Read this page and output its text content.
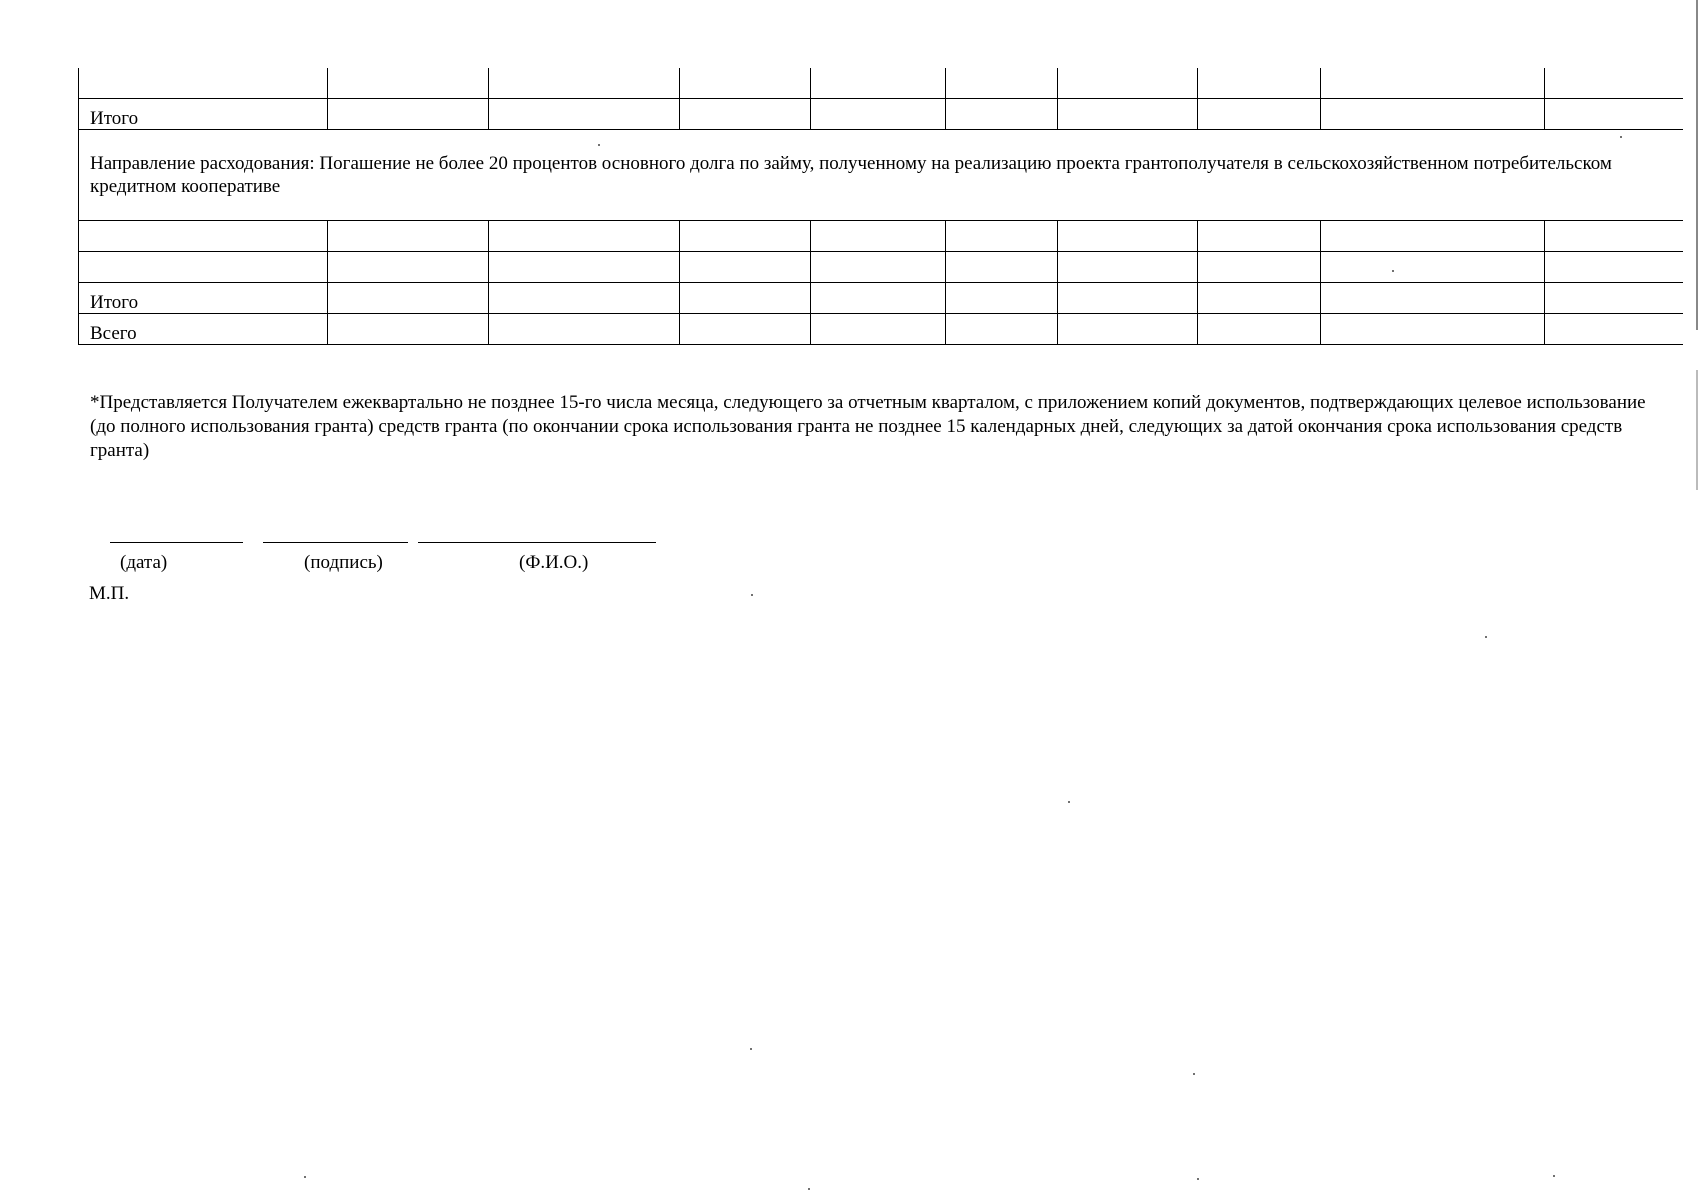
Итого									
Направление расходования: Погашение не более 20 процентов основного долга по займу, полученному на реализацию проекта грантополучателя в сельскохозяйственном потребительском кредитном кооперативе									

Итого									
Всего									
*Представляется Получателем ежеквартально не позднее 15-го числа месяца, следующего за отчетным кварталом, с приложением копий документов, подтверждающих целевое использование (до полного использования гранта) средств гранта (по окончании срока использования гранта не позднее 15 календарных дней, следующих за датой окончания срока использования средств гранта)
(дата)	(подпись)	(Ф.И.О.)
М.П.
